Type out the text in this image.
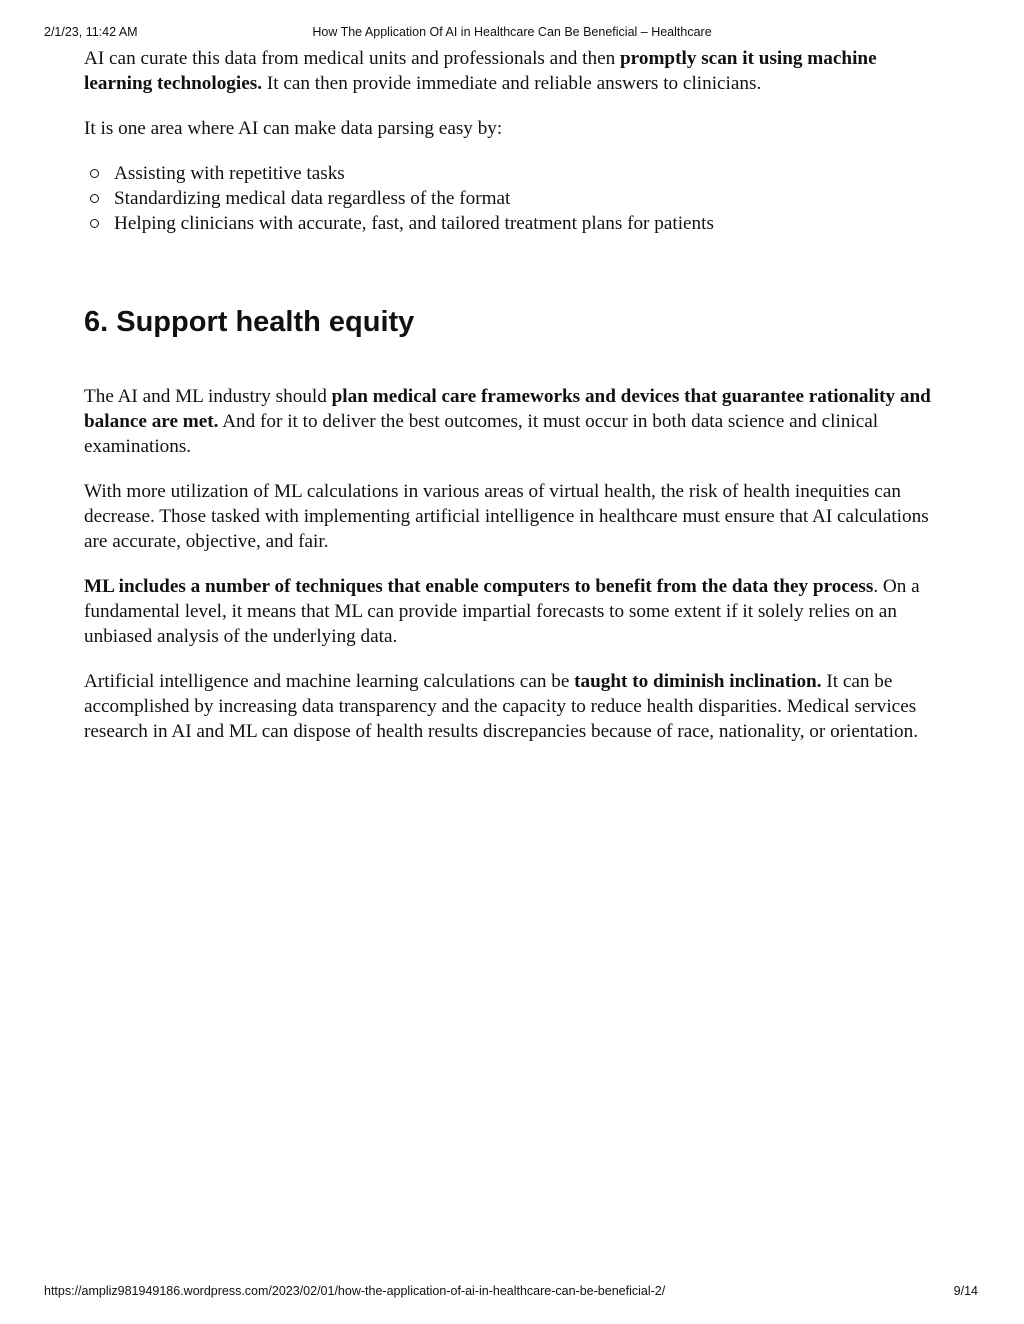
2/1/23, 11:42 AM	How The Application Of AI in Healthcare Can Be Beneficial – Healthcare

AI can curate this data from medical units and professionals and then promptly scan it using machine learning technologies. It can then provide immediate and reliable answers to clinicians.

It is one area where AI can make data parsing easy by:

Assisting with repetitive tasks
Standardizing medical data regardless of the format
Helping clinicians with accurate, fast, and tailored treatment plans for patients
6. Support health equity

The AI and ML industry should plan medical care frameworks and devices that guarantee rationality and balance are met. And for it to deliver the best outcomes, it must occur in both data science and clinical examinations.

With more utilization of ML calculations in various areas of virtual health, the risk of health inequities can decrease. Those tasked with implementing artificial intelligence in healthcare must ensure that AI calculations are accurate, objective, and fair.

ML includes a number of techniques that enable computers to benefit from the data they process. On a fundamental level, it means that ML can provide impartial forecasts to some extent if it solely relies on an unbiased analysis of the underlying data.

Artificial intelligence and machine learning calculations can be taught to diminish inclination. It can be accomplished by increasing data transparency and the capacity to reduce health disparities. Medical services research in AI and ML can dispose of health results discrepancies because of race, nationality, or orientation.

https://ampliz981949186.wordpress.com/2023/02/01/how-the-application-of-ai-in-healthcare-can-be-beneficial-2/	9/14
